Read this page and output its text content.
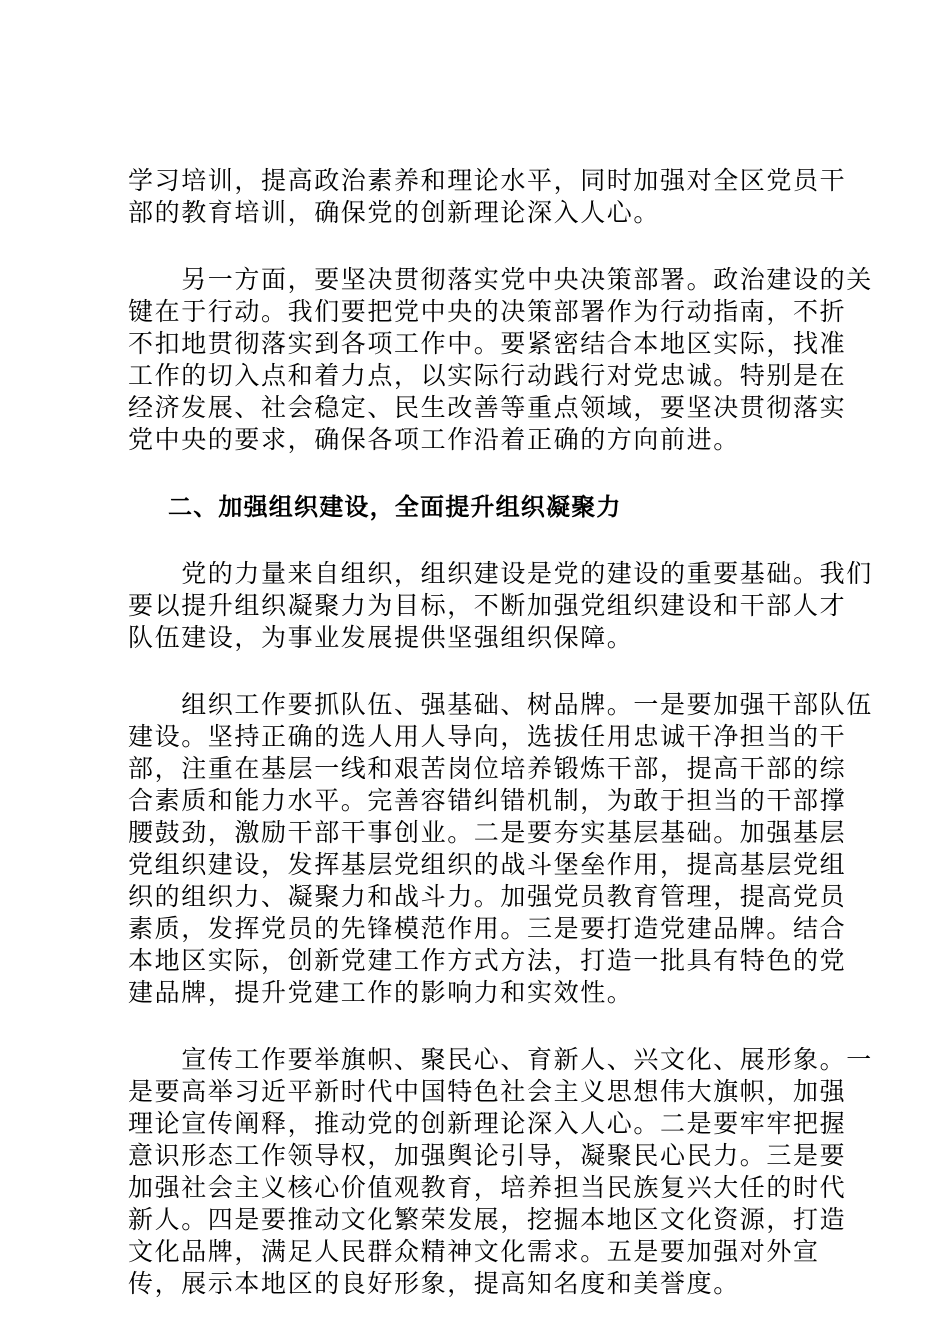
学习培训，提高政治素养和理论水平，同时加强对全区党员干
部的教育培训，确保党的创新理论深入人心。

　　另一方面，要坚决贯彻落实党中央决策部署。政治建设的关
键在于行动。我们要把党中央的决策部署作为行动指南，不折
不扣地贯彻落实到各项工作中。要紧密结合本地区实际，找准
工作的切入点和着力点，以实际行动践行对党忠诚。特别是在
经济发展、社会稳定、民生改善等重点领域，要坚决贯彻落实
党中央的要求，确保各项工作沿着正确的方向前进。

二、加强组织建设，全面提升组织凝聚力

　　党的力量来自组织，组织建设是党的建设的重要基础。我们
要以提升组织凝聚力为目标，不断加强党组织建设和干部人才
队伍建设，为事业发展提供坚强组织保障。

　　组织工作要抓队伍、强基础、树品牌。一是要加强干部队伍
建设。坚持正确的选人用人导向，选拔任用忠诚干净担当的干
部，注重在基层一线和艰苦岗位培养锻炼干部，提高干部的综
合素质和能力水平。完善容错纠错机制，为敢于担当的干部撑
腰鼓劲，激励干部干事创业。二是要夯实基层基础。加强基层
党组织建设，发挥基层党组织的战斗堡垒作用，提高基层党组
织的组织力、凝聚力和战斗力。加强党员教育管理，提高党员
素质，发挥党员的先锋模范作用。三是要打造党建品牌。结合
本地区实际，创新党建工作方式方法，打造一批具有特色的党
建品牌，提升党建工作的影响力和实效性。

　　宣传工作要举旗帜、聚民心、育新人、兴文化、展形象。一
是要高举习近平新时代中国特色社会主义思想伟大旗帜，加强
理论宣传阐释，推动党的创新理论深入人心。二是要牢牢把握
意识形态工作领导权，加强舆论引导，凝聚民心民力。三是要
加强社会主义核心价值观教育，培养担当民族复兴大任的时代
新人。四是要推动文化繁荣发展，挖掘本地区文化资源，打造
文化品牌，满足人民群众精神文化需求。五是要加强对外宣
传，展示本地区的良好形象，提高知名度和美誉度。
